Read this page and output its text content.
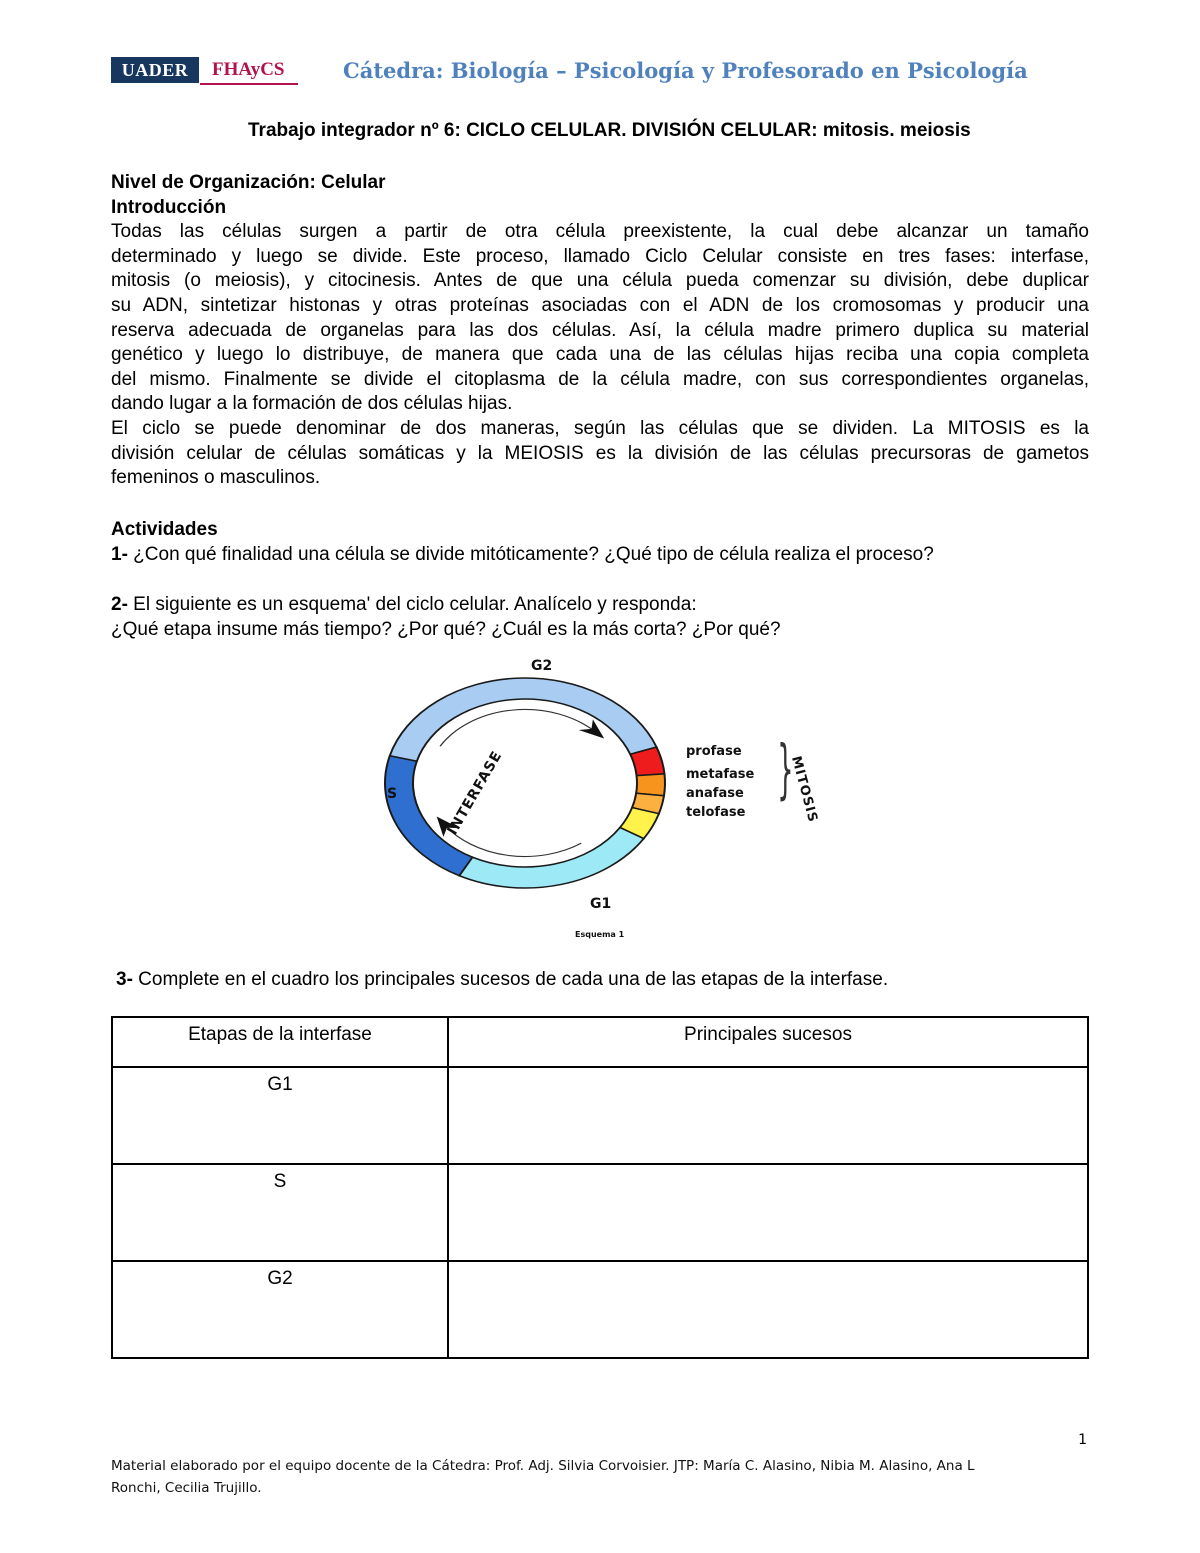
UADER	FHAyCS	Cátedra: Biología – Psicología y Profesorado en Psicología
Trabajo integrador nº 6: CICLO CELULAR. DIVISIÓN CELULAR: mitosis. meiosis
Nivel de Organización: Celular
Introducción
Todas las células surgen a partir de otra célula preexistente, la cual debe alcanzar un tamaño
determinado y luego se divide. Este proceso, llamado Ciclo Celular consiste en tres fases: interfase,
mitosis (o meiosis), y citocinesis. Antes de que una célula pueda comenzar su división, debe duplicar
su ADN, sintetizar histonas y otras proteínas asociadas con el ADN de los cromosomas y producir una
reserva adecuada de organelas para las dos células. Así, la célula madre primero duplica su material
genético y luego lo distribuye, de manera que cada una de las células hijas reciba una copia completa
del mismo. Finalmente se divide el citoplasma de la célula madre, con sus correspondientes organelas,
dando lugar a la formación de dos células hijas.
El ciclo se puede denominar de dos maneras, según las células que se dividen. La MITOSIS es la
división celular de células somáticas y la MEIOSIS es la división de las células precursoras de gametos
femeninos o masculinos.
Actividades
1- ¿Con qué finalidad una célula se divide mitóticamente? ¿Qué tipo de célula realiza el proceso?
2- El siguiente es un esquema' del ciclo celular. Analícelo y responda:
¿Qué etapa insume más tiempo? ¿Por qué? ¿Cuál es la más corta? ¿Por qué?
G2
S
G1
INTERFASE	MITOSIS
profase
metafase
anafase
telofase
}
Esquema 1
3- Complete en el cuadro los principales sucesos de cada una de las etapas de la interfase.
Etapas de la interfase	Principales sucesos
G1	
S	
G2	
1
Material elaborado por el equipo docente de la Cátedra: Prof. Adj. Silvia Corvoisier. JTP: María C. Alasino, Nibia M. Alasino, Ana L
Ronchi, Cecilia Trujillo.
